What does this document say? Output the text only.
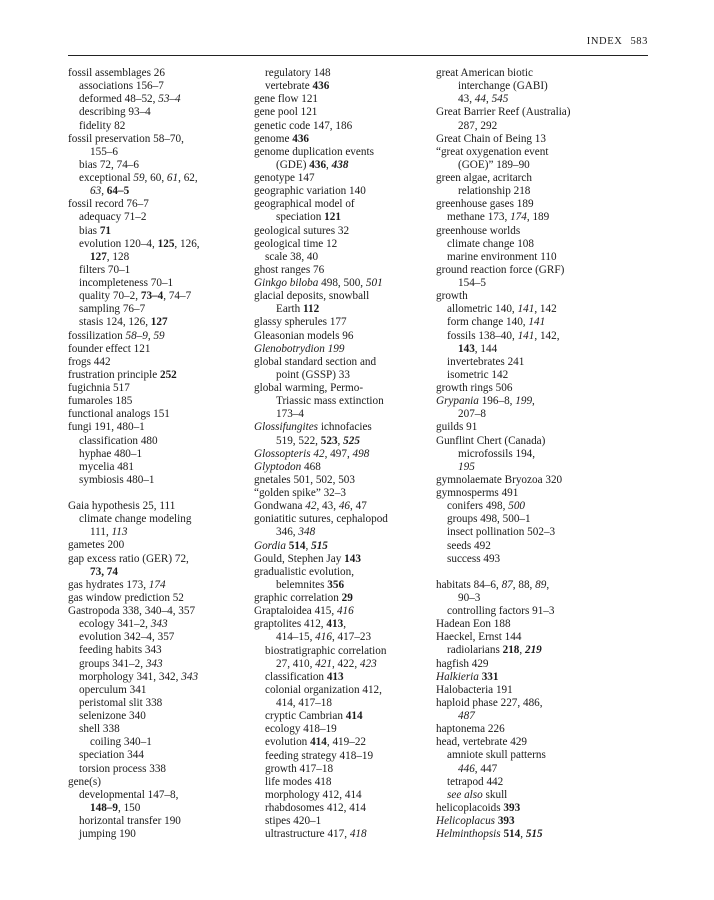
INDEX 583
fossil assemblages 26
associations 156–7
deformed 48–52, 53–4
describing 93–4
fidelity 82
fossil preservation 58–70,
155–6
bias 72, 74–6
exceptional 59, 60, 61, 62,
63, 64–5
fossil record 76–7
adequacy 71–2
bias 71
evolution 120–4, 125, 126,
127, 128
filters 70–1
incompleteness 70–1
quality 70–2, 73–4, 74–7
sampling 76–7
stasis 124, 126, 127
fossilization 58–9, 59
founder effect 121
frogs 442
frustration principle 252
fugichnia 517
fumaroles 185
functional analogs 151
fungi 191, 480–1
classification 480
hyphae 480–1
mycelia 481
symbiosis 480–1
Gaia hypothesis 25, 111
climate change modeling
111, 113
gametes 200
gap excess ratio (GER) 72,
73, 74
gas hydrates 173, 174
gas window prediction 52
Gastropoda 338, 340–4, 357
ecology 341–2, 343
evolution 342–4, 357
feeding habits 343
groups 341–2, 343
morphology 341, 342, 343
operculum 341
peristomal slit 338
selenizone 340
shell 338
coiling 340–1
speciation 344
torsion process 338
gene(s)
developmental 147–8,
148–9, 150
horizontal transfer 190
jumping 190
regulatory 148
vertebrate 436
gene flow 121
gene pool 121
genetic code 147, 186
genome 436
genome duplication events
(GDE) 436, 438
genotype 147
geographic variation 140
geographical model of
speciation 121
geological sutures 32
geological time 12
scale 38, 40
ghost ranges 76
Ginkgo biloba 498, 500, 501
glacial deposits, snowball
Earth 112
glassy spherules 177
Gleasonian models 96
Glenobotrydion 199
global standard section and
point (GSSP) 33
global warming, Permo-
Triassic mass extinction
173–4
Glossifungites ichnofacies
519, 522, 523, 525
Glossopteris 42, 497, 498
Glyptodon 468
gnetales 501, 502, 503
“golden spike” 32–3
Gondwana 42, 43, 46, 47
goniatitic sutures, cephalopod
346, 348
Gordia 514, 515
Gould, Stephen Jay 143
gradualistic evolution,
belemnites 356
graphic correlation 29
Graptaloidea 415, 416
graptolites 412, 413,
414–15, 416, 417–23
biostratigraphic correlation
27, 410, 421, 422, 423
classification 413
colonial organization 412,
414, 417–18
cryptic Cambrian 414
ecology 418–19
evolution 414, 419–22
feeding strategy 418–19
growth 417–18
life modes 418
morphology 412, 414
rhabdosomes 412, 414
stipes 420–1
ultrastructure 417, 418
great American biotic
interchange (GABI)
43, 44, 545
Great Barrier Reef (Australia)
287, 292
Great Chain of Being 13
“great oxygenation event
(GOE)” 189–90
green algae, acritarch
relationship 218
greenhouse gases 189
methane 173, 174, 189
greenhouse worlds
climate change 108
marine environment 110
ground reaction force (GRF)
154–5
growth
allometric 140, 141, 142
form change 140, 141
fossils 138–40, 141, 142,
143, 144
invertebrates 241
isometric 142
growth rings 506
Grypania 196–8, 199,
207–8
guilds 91
Gunflint Chert (Canada)
microfossils 194,
195
gymnolaemate Bryozoa 320
gymnosperms 491
conifers 498, 500
groups 498, 500–1
insect pollination 502–3
seeds 492
success 493
habitats 84–6, 87, 88, 89,
90–3
controlling factors 91–3
Hadean Eon 188
Haeckel, Ernst 144
radiolarians 218, 219
hagfish 429
Halkieria 331
Halobacteria 191
haploid phase 227, 486,
487
haptonema 226
head, vertebrate 429
amniote skull patterns
446, 447
tetrapod 442
see also skull
helicoplacoids 393
Helicoplacus 393
Helminthopsis 514, 515
